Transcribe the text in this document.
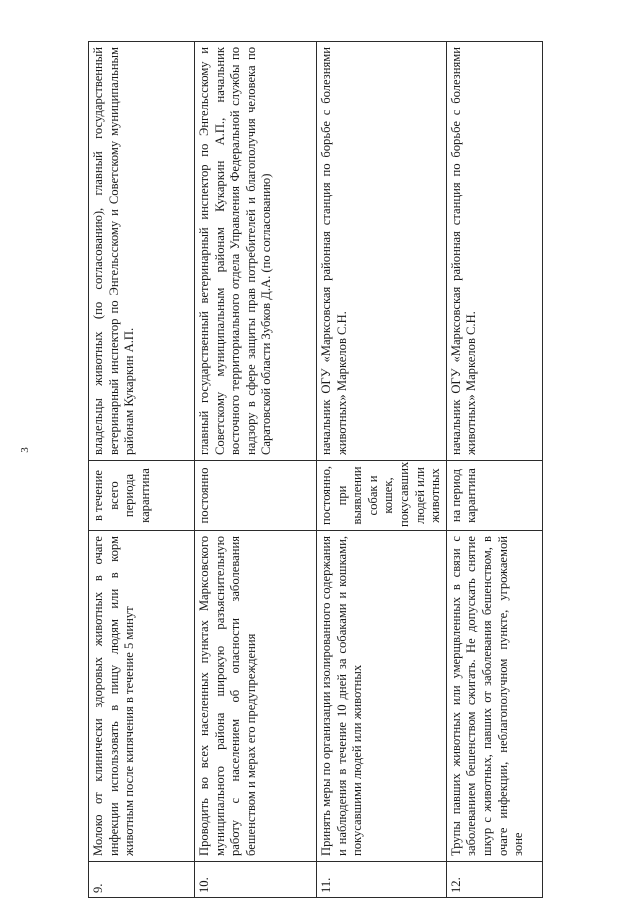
3
9.	Молоко от клинически здоровых животных в очаге инфекции использовать в пищу людям или в корм животным после кипячения в течение 5 минут	в течение всего периода карантина	владельцы животных (по согласованию), главный государственный ветеринарный инспектор по Энгельсскому и Советскому муниципальным районам Кукаркин А.П.
10.	Проводить во всех населенных пунктах Марксовского муниципального района широкую разъяснительную работу с населением об опасности заболевания бешенством и мерах его предупреждения	постоянно	главный государственный ветеринарный инспектор по Энгельсскому и Советскому муниципальным районам Кукаркин А.П., начальник восточного территориального отдела Управления Федеральной службы по надзору в сфере защиты прав потребителей и благополучия человека по Саратовской области Зубков Д.А. (по согласованию)
11.	Принять меры по организации изолированного содержания и наблюдения в течение 10 дней за собаками и кошками, покусавшими людей или животных	постоянно, при выявлении собак и кошек, покусавших людей или животных	начальник ОГУ «Марксовская районная станция по борьбе с болезнями животных» Маркелов С.Н.
12.	Трупы павших животных или умерщвленных в связи с заболеванием бешенством сжигать. Не допускать снятие шкур с животных, павших от заболевания бешенством, в очаге инфекции, неблагополучном пункте, угрожаемой зоне	на период карантина	начальник ОГУ «Марксовская районная станция по борьбе с болезнями животных» Маркелов С.Н.
